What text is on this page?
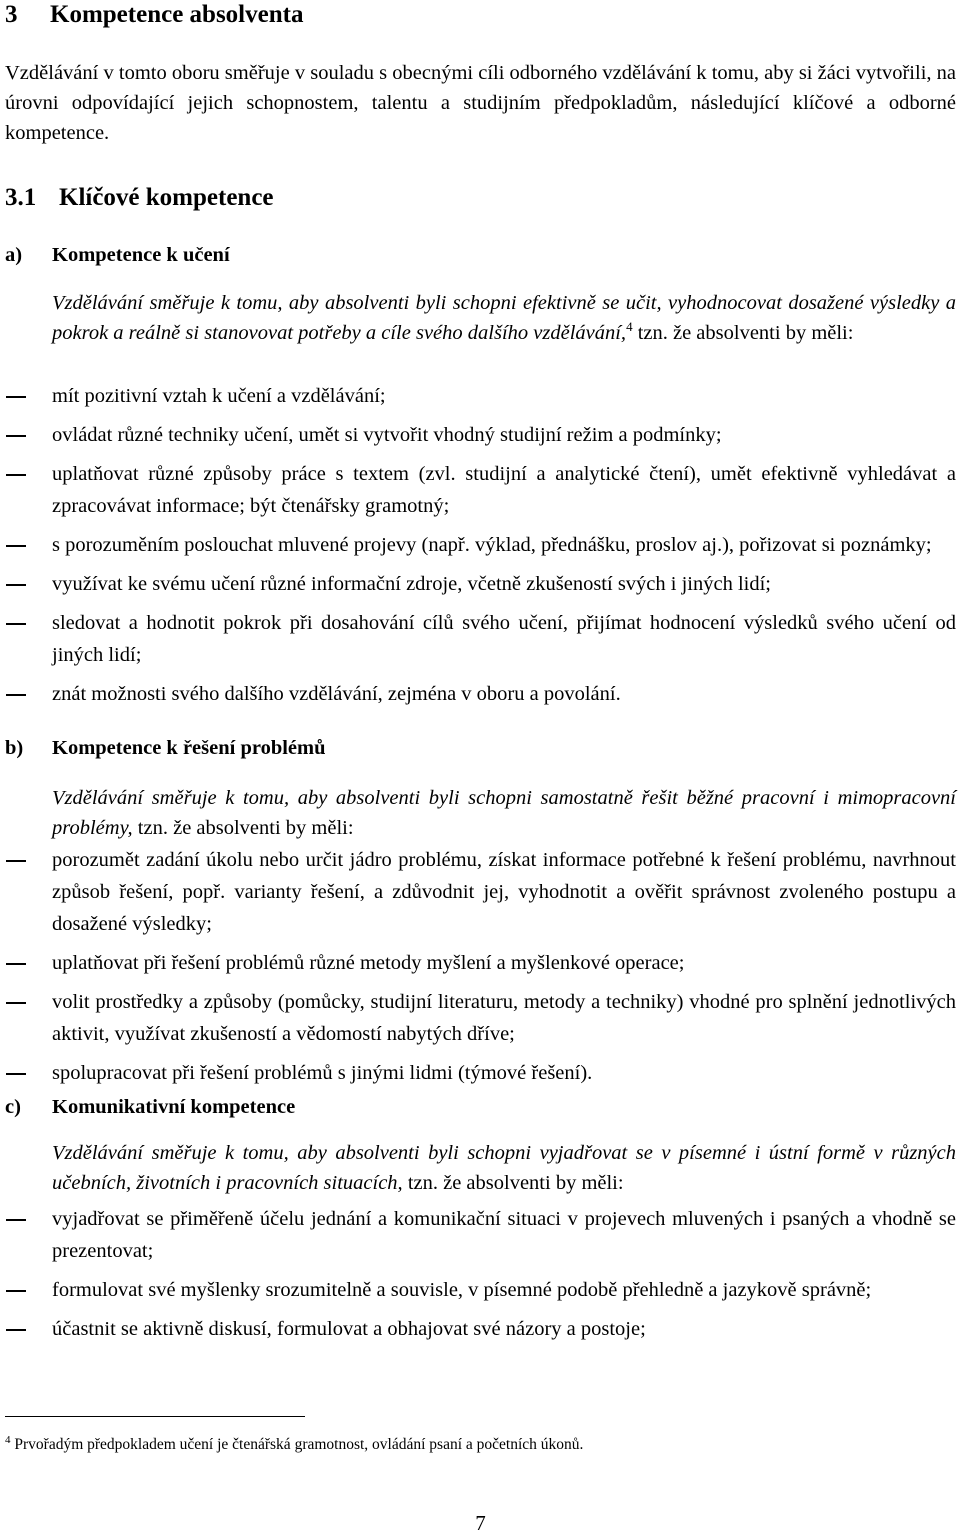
3 Kompetence absolventa

Vzdělávání v tomto oboru směřuje v souladu s obecnými cíli odborného vzdělávání k tomu, aby si žáci vytvořili, na úrovni odpovídající jejich schopnostem, talentu a studijním předpokladům, následující klíčové a odborné kompetence.

3.1 Klíčové kompetence
a) Kompetence k učení

Vzdělávání směřuje k tomu, aby absolventi byli schopni efektivně se učit, vyhodnocovat dosažené výsledky a pokrok a reálně si stanovovat potřeby a cíle svého dalšího vzdělávání,$^4$ tzn. že absolventi by měli:

mít pozitivní vztah k učení a vzdělávání;
ovládat různé techniky učení, umět si vytvořit vhodný studijní režim a podmínky;
uplatňovat různé způsoby práce s textem (zvl. studijní a analytické čtení), umět efektivně vyhledávat a zpracovávat informace; být čtenářsky gramotný;
s porozuměním poslouchat mluvené projevy (např. výklad, přednášku, proslov aj.), pořizovat si poznámky;
využívat ke svému učení různé informační zdroje, včetně zkušeností svých i jiných lidí;
sledovat a hodnotit pokrok při dosahování cílů svého učení, přijímat hodnocení výsledků svého učení od jiných lidí;
znát možnosti svého dalšího vzdělávání, zejména v oboru a povolání.
b) Kompetence k řešení problémů

Vzdělávání směřuje k tomu, aby absolventi byli schopni samostatně řešit běžné pracovní i mimopracovní problémy, tzn. že absolventi by měli:

porozumět zadání úkolu nebo určit jádro problému, získat informace potřebné k řešení problému, navrhnout způsob řešení, popř. varianty řešení, a zdůvodnit jej, vyhodnotit a ověřit správnost zvoleného postupu a dosažené výsledky;
uplatňovat při řešení problémů různé metody myšlení a myšlenkové operace;
volit prostředky a způsoby (pomůcky, studijní literaturu, metody a techniky) vhodné pro splnění jednotlivých aktivit, využívat zkušeností a vědomostí nabytých dříve;
spolupracovat při řešení problémů s jinými lidmi (týmové řešení).
c) Komunikativní kompetence

Vzdělávání směřuje k tomu, aby absolventi byli schopni vyjadřovat se v písemné i ústní formě v různých učebních, životních i pracovních situacích, tzn. že absolventi by měli:

vyjadřovat se přiměřeně účelu jednání a komunikační situaci v projevech mluvených i psaných a vhodně se prezentovat;
formulovat své myšlenky srozumitelně a souvisle, v písemné podobě přehledně a jazykově správně;
účastnit se aktivně diskusí, formulovat a obhajovat své názory a postoje;
$^4$ Prvořadým předpokladem učení je čtenářská gramotnost, ovládání psaní a početních úkonů.
7
